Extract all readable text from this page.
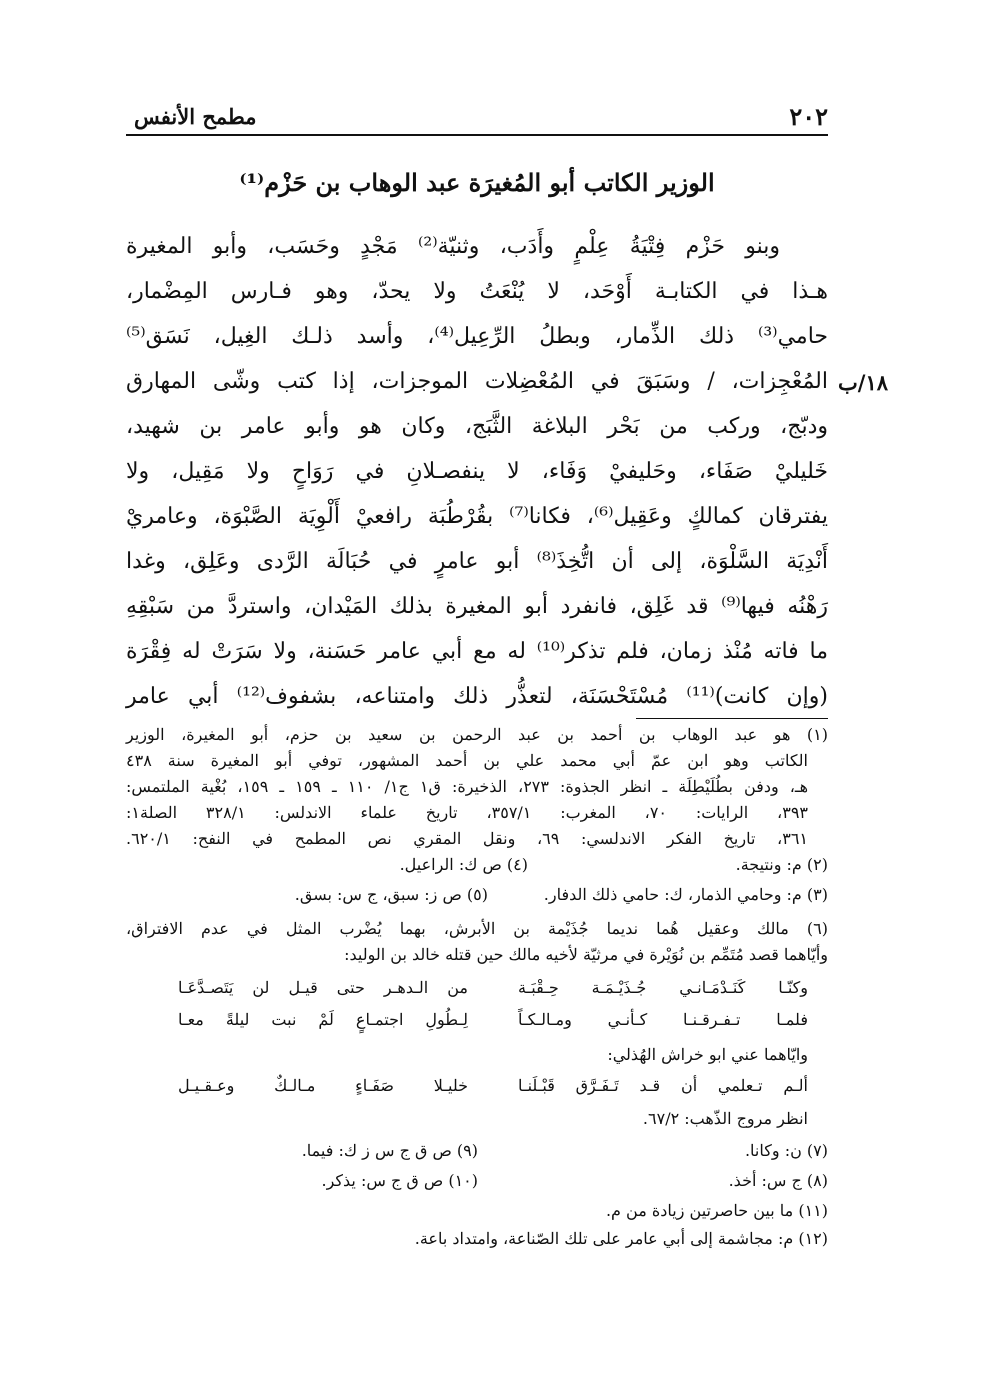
٢٠٢
مطمح الأنفس
الوزير الكاتب أبو المُغيرَة عبد الوهاب بن حَزْم⁽¹⁾
١٨/ب
وبنو حَزْم فِتْيَةُ عِلْمٍ وأَدَب، وثنيّة⁽²⁾ مَجْدٍ وحَسَب، وأبو المغيرة
هـذا في الكتابـة أَوْحَد، لا يُنْعَتُ ولا يحدّ، وهو فـارس المِضْمار،
حامي⁽³⁾ ذلك الذِّمار، وبطلُ الرِّعِيل⁽⁴⁾، وأسد ذلـك الغِيل، نَسَق⁽⁵⁾
المُعْجِزات، / وسَبَقَ في المُعْضِلات الموجزات، إذا كتب وشّى المهارق
ودبّج، وركب من بَحْر البلاغة الثَّبَج، وكان هو وأبو عامر بن شهيد،
خَليليْ صَفَاء، وحَليفيْ وَفَاء، لا ينفصـلانِ في رَوَاحٍ ولا مَقِيل، ولا
يفترقان كمالكٍ وعَقِيل⁽⁶⁾، فكانا⁽⁷⁾ بقُرْطُبَة رافعيْ أَلْوِيَة الصَّبْوَة، وعامريْ
أَنْدِيَة السَّلْوَة، إلى أن اتُّخِذَ⁽⁸⁾ أبو عامرٍ في حُبَالَة الرَّدى وعَلِق، وغدا
رَهْنُه فيها⁽⁹⁾ قد غَلِق، فانفرد أبو المغيرة بذلك المَيْدان، واستردَّ من سَبْقِهِ
ما فاته مُنْذ زمان، فلم تذكر⁽¹⁰⁾ له مع أبي عامر حَسَنة، ولا سَرَتْ له فِقْرَة
(وإن كانت)⁽¹¹⁾ مُسْتَحْسَنَة، لتعذُّر ذلك وامتناعه، بشفوف⁽¹²⁾ أبي عامر
(١) هو عبد الوهاب بن أحمد بن عبد الرحمن بن سعيد بن حزم، أبو المغيرة، الوزير
الكاتب وهو ابن عمّ أبي محمد علي بن أحمد المشهور، توفي أبو المغيرة سنة ٤٣٨
هـ، ودفن بطُلَيْطِلَة ـ انظر الجذوة: ٢٧٣، الذخيرة: ق١ ج١/ ١١٠ ـ ١٥٩ ـ ١٥٩، بُغْية الملتمس:
٣٩٣، الرايات: ٧٠، المغرب: ٣٥٧/١، تاريخ علماء الاندلس: ٣٢٨/١ الصلة١:
٣٦١، تاريخ الفكر الاندلسي: ٦٩، ونقل المقري نص المطمح في النفح: ٦٢٠/١.
(٢) م: ونتيجة.
(٤) ص ك: الراعيل.
(٣) م: وحامي الذمار، ك: حامي ذلك الدفار.
(٥) ص ز: سبق، ج س: بسق.
(٦) مالك وعقيل هُما نديما جُذَيْمة بن الأبرش، بهما يُضْرب المثل في عدم الافتراق،
وأيّاهما قصد مُتَمِّم بن نُوَيْرة في مرثيّة لأخيه مالك حين قتله خالد بن الوليد:
وكنّـا كَنَـدْمَـانـي جُـذَيْـمَـة حِـقْبَـة
من الـدهـر حتى قيـل لن يَتَصـدَّعَـا
فلمـا تـفـرقـنـا كـأنـي ومـالـكـاً
لِـطُولِ اجتمـاعٍ لَمْ نبت ليلةً معـا
وايّاهما عني ابو خراش الهُذلي:
ألـم تـعلمي أن قـد تَـفَـرَّق قَبْـلَنـا
خليـلا صَفَـاءٍ مـالـكٌ وعـقـيـل
انظر مروج الذّهب: ٦٧/٢.
(٧) ن: وكانا.
(٩) ص ق ج س ز ك: فيما.
(٨) ج س: أخذ.
(١٠) ص ق ج س: يذكر.
(١١) ما بين حاصرتين زيادة من م.
(١٢) م: مجاشمة إلى أبي عامر على تلك الصّناعة، وامتداد باعة.
